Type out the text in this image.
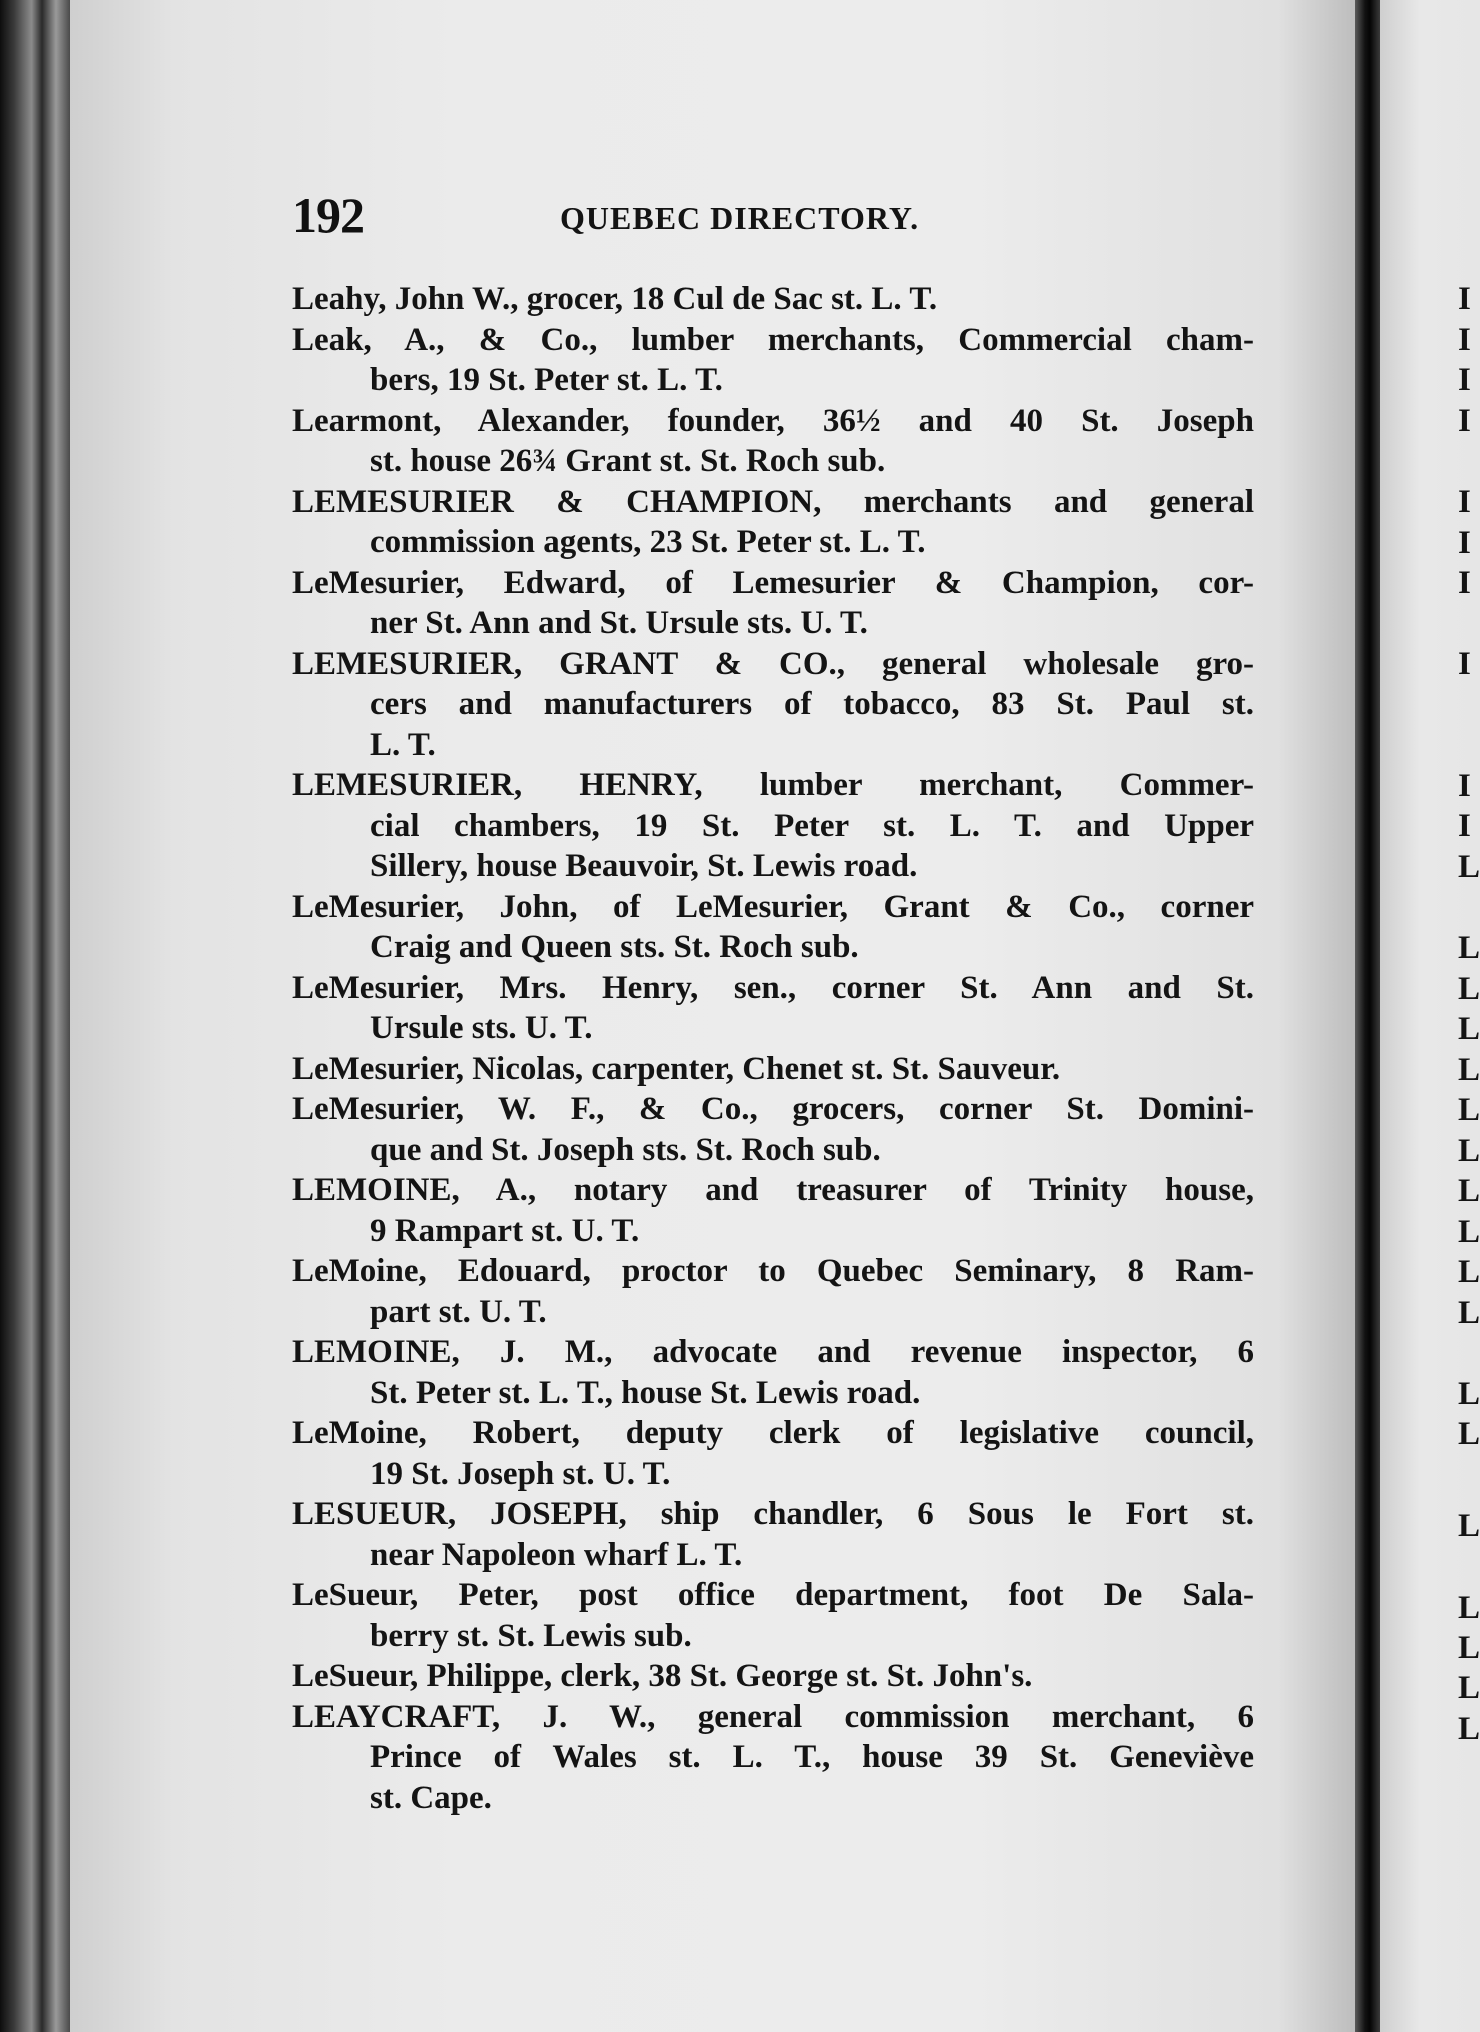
192	QUEBEC DIRECTORY.
Leahy, John W., grocer, 18 Cul de Sac st. L. T.
Leak, A., & Co., lumber merchants, Commercial cham-
bers, 19 St. Peter st. L. T.
Learmont, Alexander, founder, 36½ and 40 St. Joseph
st. house 26¾ Grant st. St. Roch sub.
LEMESURIER & CHAMPION, merchants and general
commission agents, 23 St. Peter st. L. T.
LeMesurier, Edward, of Lemesurier & Champion, cor-
ner St. Ann and St. Ursule sts. U. T.
LEMESURIER, GRANT & CO., general wholesale gro-
cers and manufacturers of tobacco, 83 St. Paul st.
L. T.
LEMESURIER, HENRY, lumber merchant, Commer-
cial chambers, 19 St. Peter st. L. T. and Upper
Sillery, house Beauvoir, St. Lewis road.
LeMesurier, John, of LeMesurier, Grant & Co., corner
Craig and Queen sts. St. Roch sub.
LeMesurier, Mrs. Henry, sen., corner St. Ann and St.
Ursule sts. U. T.
LeMesurier, Nicolas, carpenter, Chenet st. St. Sauveur.
LeMesurier, W. F., & Co., grocers, corner St. Domini-
que and St. Joseph sts. St. Roch sub.
LEMOINE, A., notary and treasurer of Trinity house,
9 Rampart st. U. T.
LeMoine, Edouard, proctor to Quebec Seminary, 8 Ram-
part st. U. T.
LEMOINE, J. M., advocate and revenue inspector, 6
St. Peter st. L. T., house St. Lewis road.
LeMoine, Robert, deputy clerk of legislative council,
19 St. Joseph st. U. T.
LESUEUR, JOSEPH, ship chandler, 6 Sous le Fort st.
near Napoleon wharf L. T.
LeSueur, Peter, post office department, foot De Sala-
berry st. St. Lewis sub.
LeSueur, Philippe, clerk, 38 St. George st. St. John's.
LEAYCRAFT, J. W., general commission merchant, 6
Prince of Wales st. L. T., house 39 St. Geneviève
st. Cape.
I
I
I
I
I
I
I
I
I
I
L
L
L
L
L
L
L
L
L
L
L
L
L
L
L
L
L
L
